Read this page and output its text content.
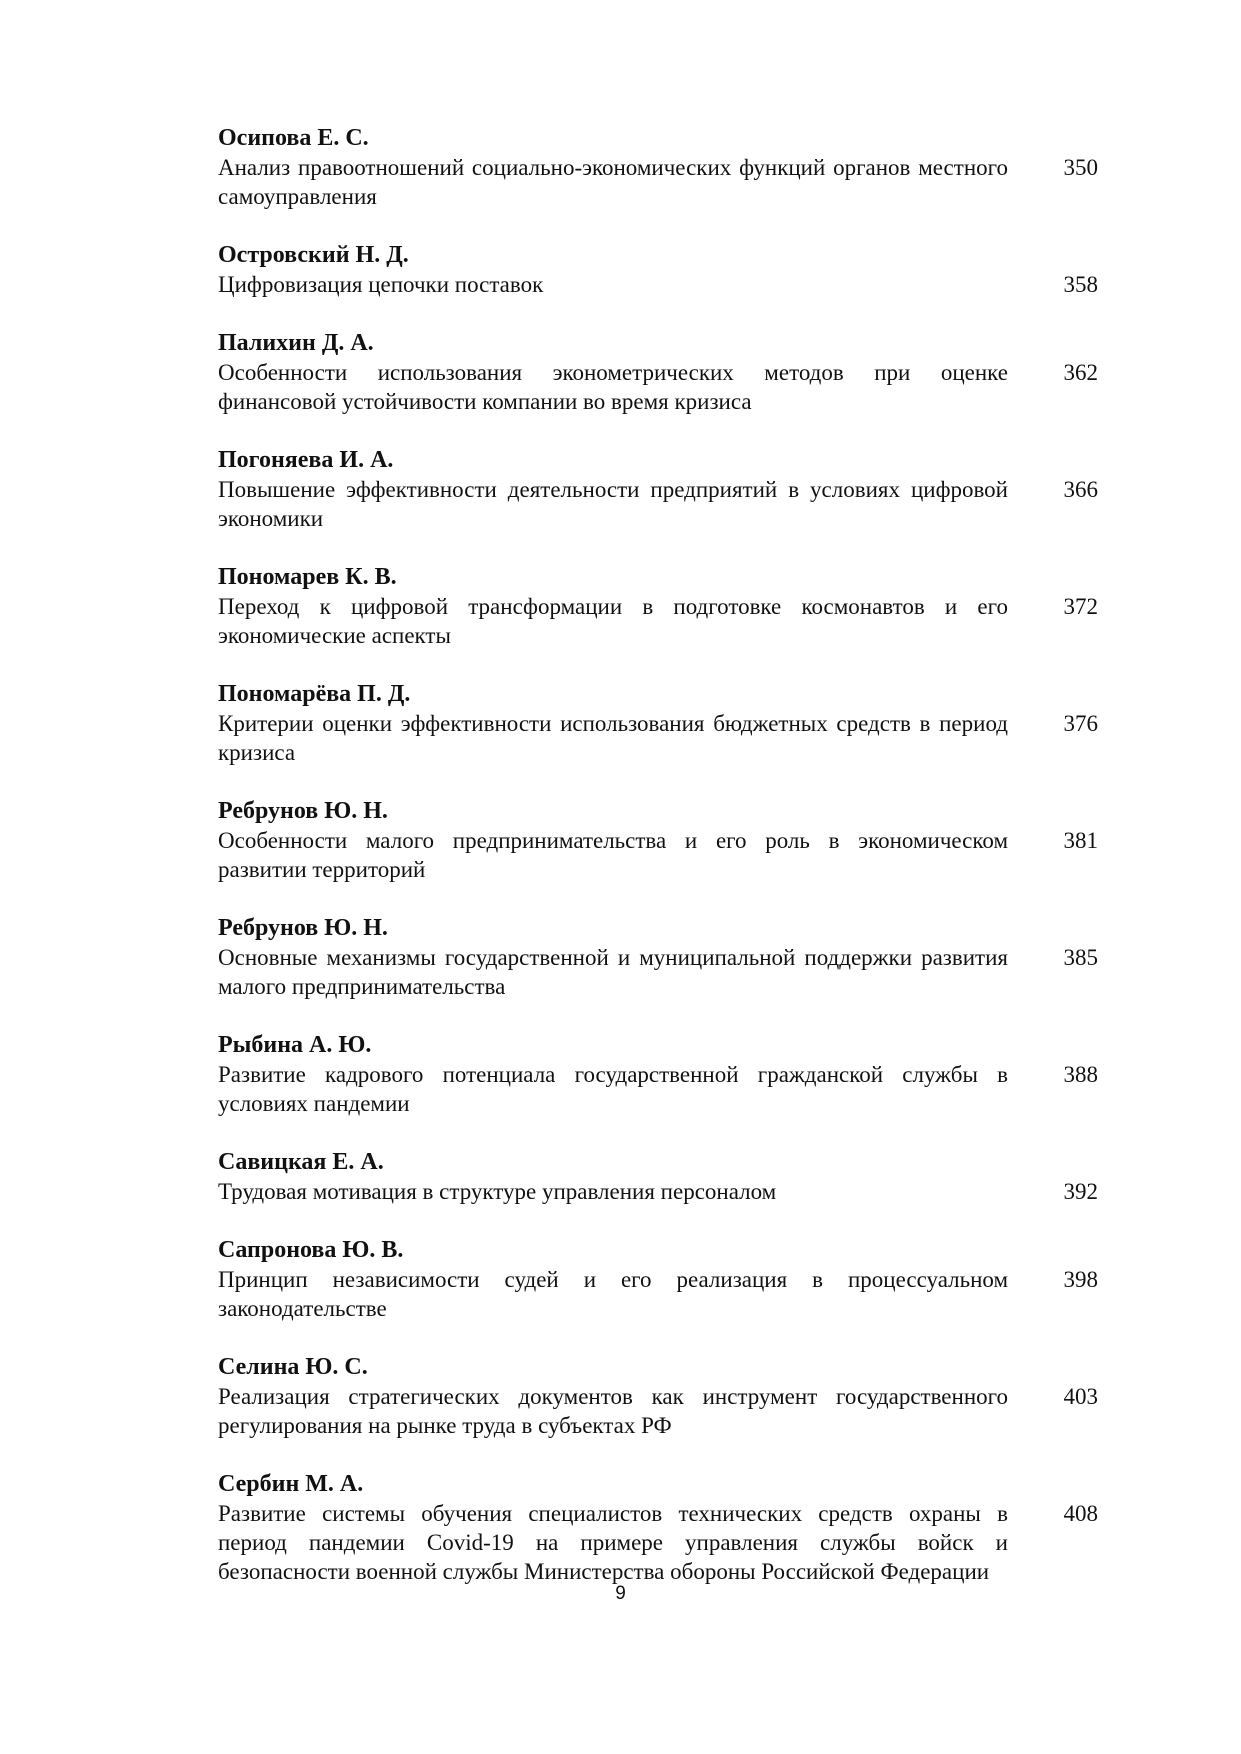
Осипова Е. С.
Анализ правоотношений социально-экономических функций органов местного самоуправления
350
Островский Н. Д.
Цифровизация цепочки поставок	358
Палихин Д. А.
Особенности использования эконометрических методов при оценке финансовой устойчивости компании во время кризиса
362
Погоняева И. А.
Повышение эффективности деятельности предприятий в условиях цифровой экономики
366
Пономарев К. В.
Переход к цифровой трансформации в подготовке космонавтов и его экономические аспекты
372
Пономарёва П. Д.
Критерии оценки эффективности использования бюджетных средств в период кризиса
376
Ребрунов Ю. Н.
Особенности малого предпринимательства и его роль в экономическом развитии территорий
381
Ребрунов Ю. Н.
Основные механизмы государственной и муниципальной поддержки развития малого предпринимательства
385
Рыбина А. Ю.
Развитие кадрового потенциала государственной гражданской службы в условиях пандемии
388
Савицкая Е. А.
Трудовая мотивация в структуре управления персоналом	392
Сапронова Ю. В.
Принцип независимости судей и его реализация в процессуальном законодательстве
398
Селина Ю. С.
Реализация стратегических документов как инструмент государственного регулирования на рынке труда в субъектах РФ
403
Сербин М. А.
Развитие системы обучения специалистов технических средств охраны в период пандемии Covid-19 на примере управления службы войск и безопасности военной службы Министерства обороны Российской Федерации
408
9
